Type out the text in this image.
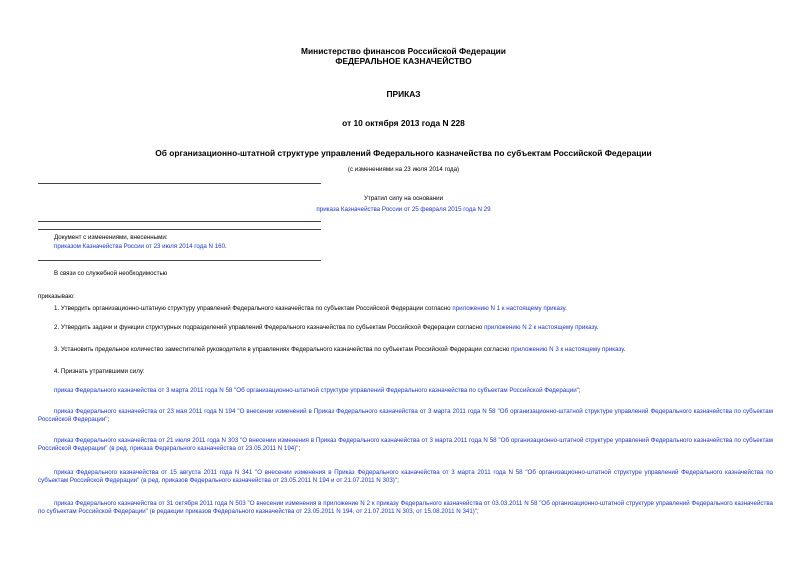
Министерство финансов Российской Федерации
ФЕДЕРАЛЬНОЕ КАЗНАЧЕЙСТВО
ПРИКАЗ
от 10 октября 2013 года N 228
Об организационно-штатной структуре управлений Федерального казначейства по субъектам Российской Федерации
(с изменениями на 23 июля 2014 года)
Утратил силу на основании
приказа Казначейства России от 25 февраля 2015 года N 29
Документ с изменениями, внесенными:
приказом Казначейства России от 23 июля 2014 года N 160.
В связи со служебной необходимостью
приказываю:
1. Утвердить организационно-штатную структуру управлений Федерального казначейства по субъектам Российской Федерации согласно приложению N 1 к настоящему приказу.
2. Утвердить задачи и функции структурных подразделений управлений Федерального казначейства по субъектам Российской Федерации согласно приложению N 2 к настоящему приказу.
3. Установить предельное количество заместителей руководителя в управлениях Федерального казначейства по субъектам Российской Федерации согласно приложению N 3 к настоящему приказу.
4. Признать утратившими силу:
приказ Федерального казначейства от 3 марта 2011 года N 58 "Об организационно-штатной структуре управлений Федерального казначейства по субъектам Российской Федерации";
приказ Федерального казначейства от 23 мая 2011 года N 194 "О внесении изменений в Приказ Федерального казначейства от 3 марта 2011 года N 58 "Об организационно-штатной структуре управлений Федерального казначейства по субъектам Российской Федерации";
приказ Федерального казначейства от 21 июля 2011 года N 303 "О внесении изменения в Приказ Федерального казначейства от 3 марта 2011 года N 58 "Об организационно-штатной структуре управлений Федерального казначейства по субъектам Российской Федерации" (в ред. приказа Федерального казначейства от 23.05.2011 N 194)";
приказ Федерального казначейства от 15 августа 2011 года N 341 "О внесении изменения в Приказ Федерального казначейства от 3 марта 2011 года N 58 "Об организационно-штатной структуре управлений Федерального казначейства по субъектам Российской Федерации" (в ред. приказов Федерального казначейства от 23.05.2011 N 194 и от 21.07.2011 N 303)";
приказ Федерального казначейства от 31 октября 2011 года N 503 "О внесении изменения в приложение N 2 к приказу Федерального казначейства от 03.03.2011 N 58 "Об организационно-штатной структуре управлений Федерального казначейства по субъектам Российской Федерации" (в редакции приказов Федерального казначейства от 23.05.2011 N 194, от 21.07.2011 N 303, от 15.08.2011 N 341)";
